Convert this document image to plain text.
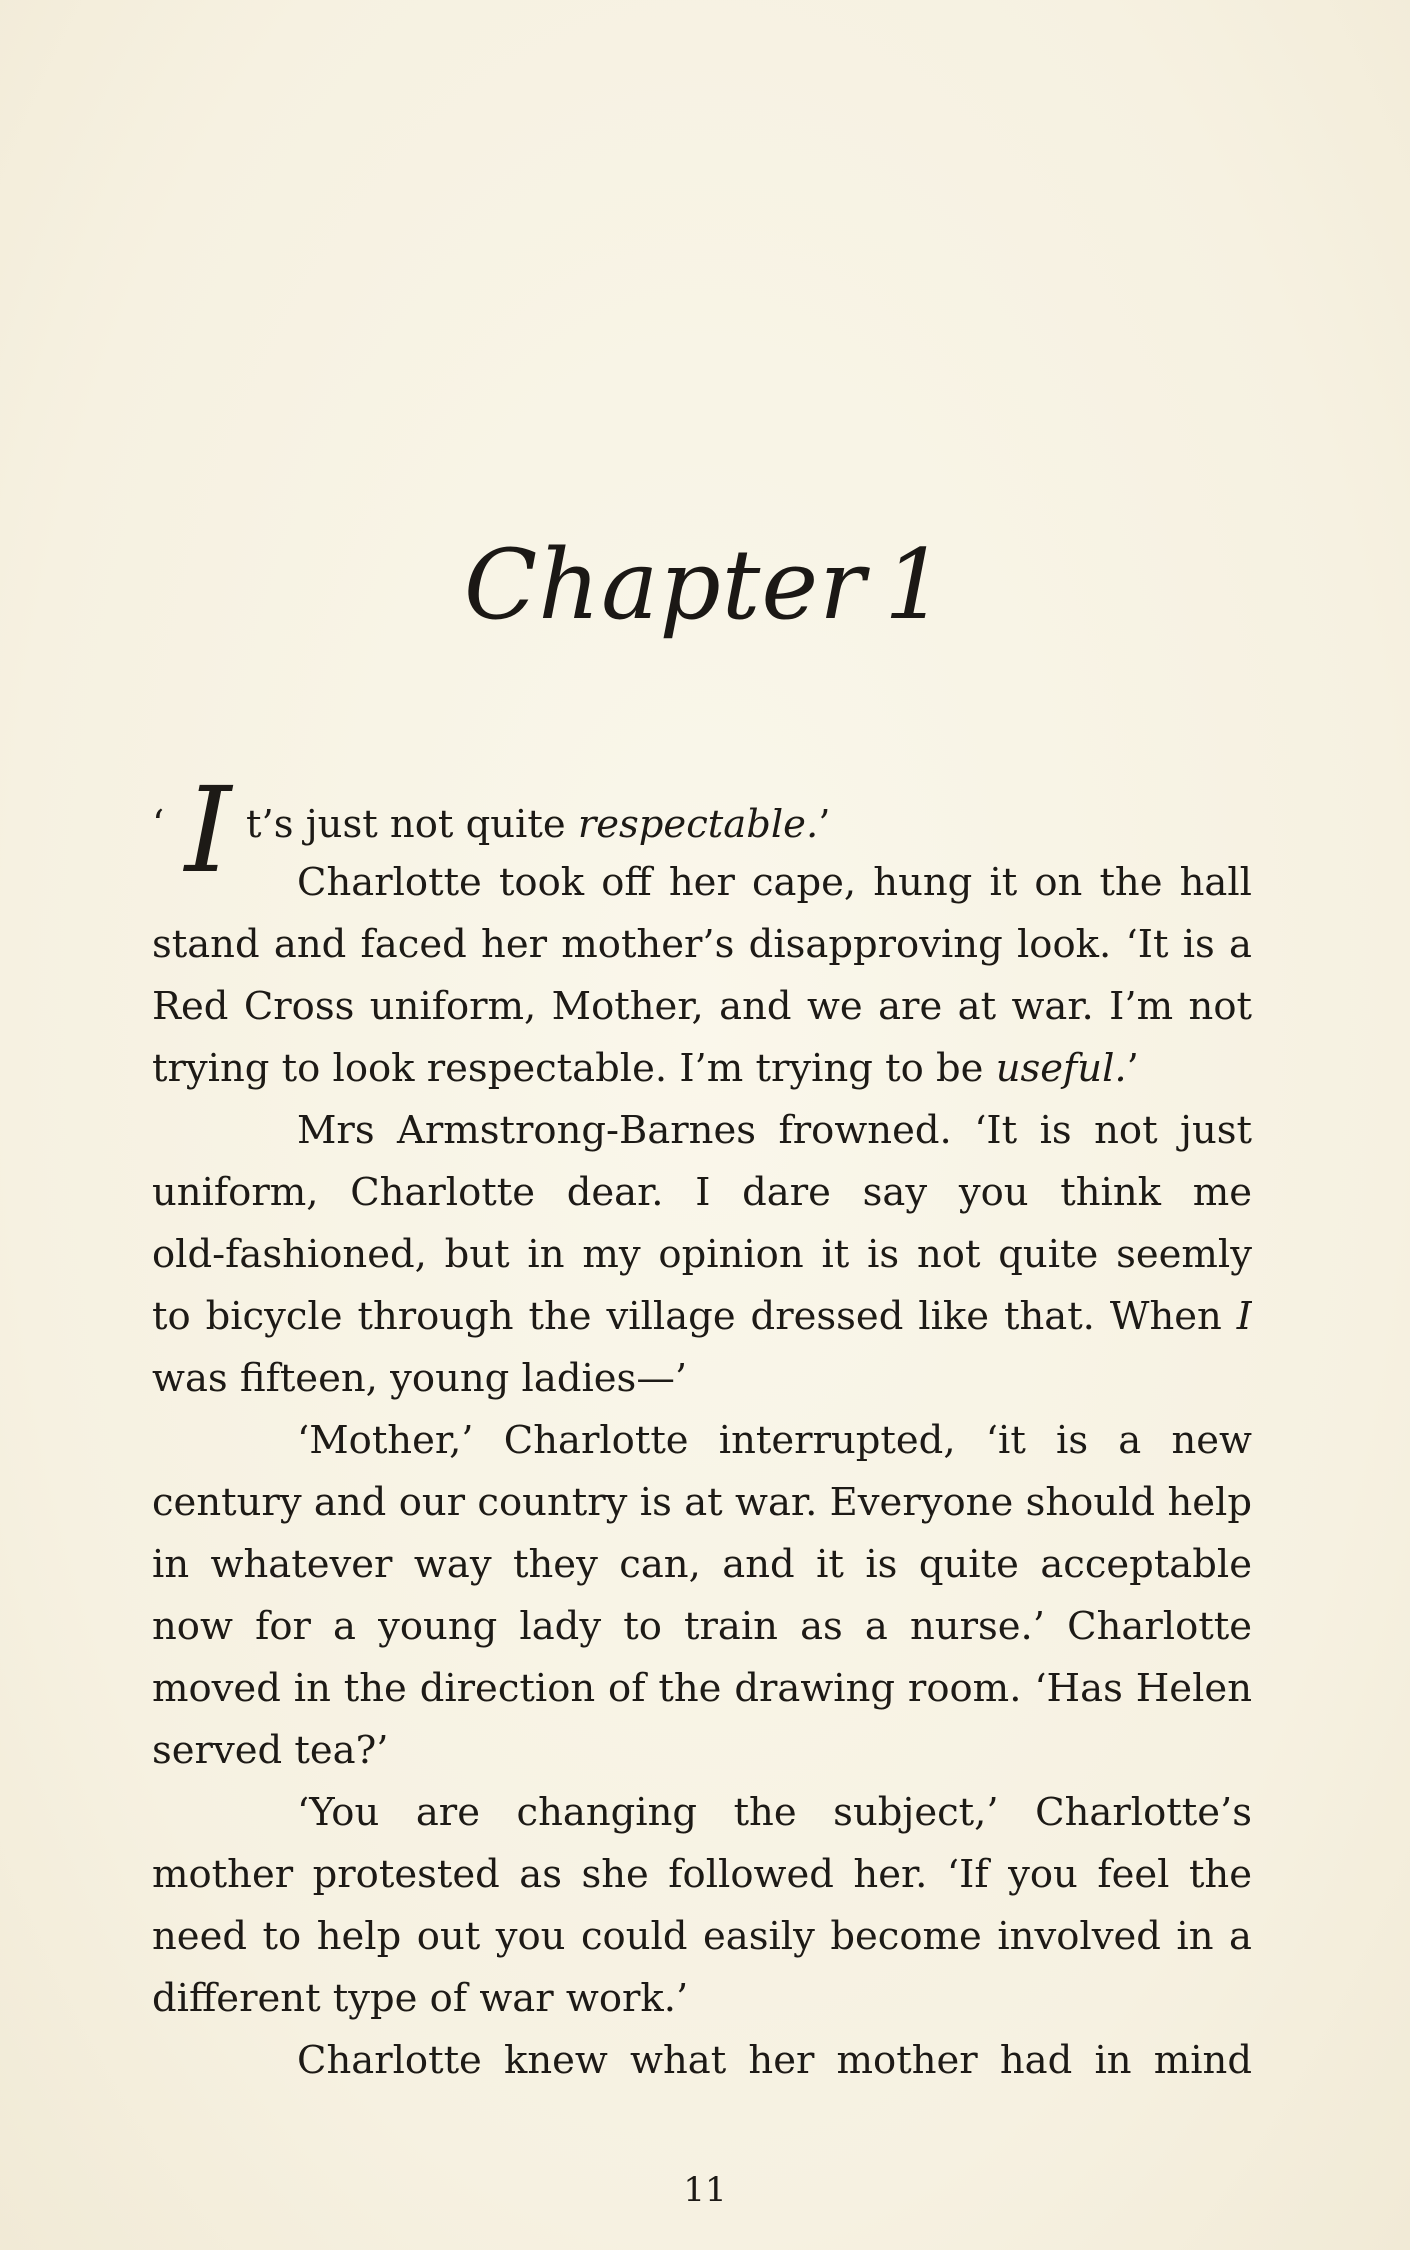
Chapter 1
‘ I t’s just not quite respectable.’
Charlotte took off her cape, hung it on the hall
stand and faced her mother’s disapproving look. ‘It is a
Red Cross uniform, Mother, and we are at war. I’m not
trying to look respectable. I’m trying to be useful.’
Mrs Armstrong-Barnes frowned. ‘It is not just
uniform, Charlotte dear. I dare say you think me
old-fashioned, but in my opinion it is not quite seemly
to bicycle through the village dressed like that. When I
was fifteen, young ladies—’
‘Mother,’ Charlotte interrupted, ‘it is a new
century and our country is at war. Everyone should help
in whatever way they can, and it is quite acceptable
now for a young lady to train as a nurse.’ Charlotte
moved in the direction of the drawing room. ‘Has Helen
served tea?’
‘You are changing the subject,’ Charlotte’s
mother protested as she followed her. ‘If you feel the
need to help out you could easily become involved in a
different type of war work.’
Charlotte knew what her mother had in mind
11
